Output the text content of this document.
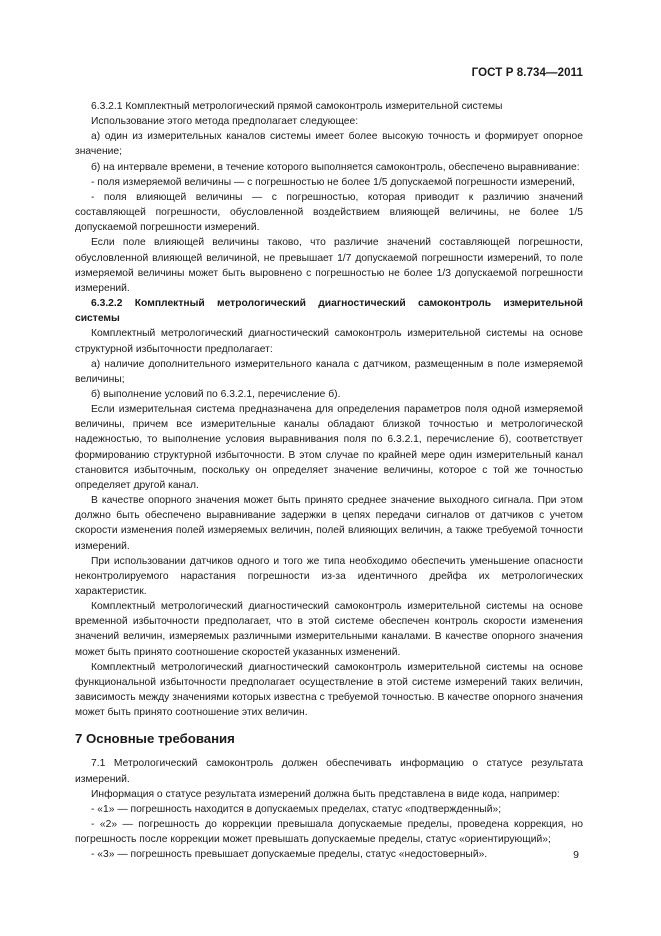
ГОСТ Р 8.734—2011

6.3.2.1 Комплектный метрологический прямой самоконтроль измерительной системы

Использование этого метода предполагает следующее:

а) один из измерительных каналов системы имеет более высокую точность и формирует опорное значение;

б) на интервале времени, в течение которого выполняется самоконтроль, обеспечено выравнивание:

- поля измеряемой величины — с погрешностью не более 1/5 допускаемой погрешности измерений,

- поля влияющей величины — с погрешностью, которая приводит к различию значений составляющей погрешности, обусловленной воздействием влияющей величины, не более 1/5 допускаемой погрешности измерений.

Если поле влияющей величины таково, что различие значений составляющей погрешности, обусловленной влияющей величиной, не превышает 1/7 допускаемой погрешности измерений, то поле измеряемой величины может быть выровнено с погрешностью не более 1/3 допускаемой погрешности измерений.

6.3.2.2 Комплектный метрологический диагностический самоконтроль измерительной системы

Комплектный метрологический диагностический самоконтроль измерительной системы на основе структурной избыточности предполагает:

а) наличие дополнительного измерительного канала с датчиком, размещенным в поле измеряемой величины;

б) выполнение условий по 6.3.2.1, перечисление б).

Если измерительная система предназначена для определения параметров поля одной измеряемой величины, причем все измерительные каналы обладают близкой точностью и метрологической надежностью, то выполнение условия выравнивания поля по 6.3.2.1, перечисление б), соответствует формированию структурной избыточности. В этом случае по крайней мере один измерительный канал становится избыточным, поскольку он определяет значение величины, которое с той же точностью определяет другой канал.

В качестве опорного значения может быть принято среднее значение выходного сигнала. При этом должно быть обеспечено выравнивание задержки в цепях передачи сигналов от датчиков с учетом скорости изменения полей измеряемых величин, полей влияющих величин, а также требуемой точности измерений.

При использовании датчиков одного и того же типа необходимо обеспечить уменьшение опасности неконтролируемого нарастания погрешности из-за идентичного дрейфа их метрологических характеристик.

Комплектный метрологический диагностический самоконтроль измерительной системы на основе временной избыточности предполагает, что в этой системе обеспечен контроль скорости изменения значений величин, измеряемых различными измерительными каналами. В качестве опорного значения может быть принято соотношение скоростей указанных изменений.

Комплектный метрологический диагностический самоконтроль измерительной системы на основе функциональной избыточности предполагает осуществление в этой системе измерений таких величин, зависимость между значениями которых известна с требуемой точностью. В качестве опорного значения может быть принято соотношение этих величин.

7 Основные требования

7.1 Метрологический самоконтроль должен обеспечивать информацию о статусе результата измерений.

Информация о статусе результата измерений должна быть представлена в виде кода, например:

- «1» — погрешность находится в допускаемых пределах, статус «подтвержденный»;

- «2» — погрешность до коррекции превышала допускаемые пределы, проведена коррекция, но погрешность после коррекции может превышать допускаемые пределы, статус «ориентирующий»;

- «3» — погрешность превышает допускаемые пределы, статус «недостоверный».	9
